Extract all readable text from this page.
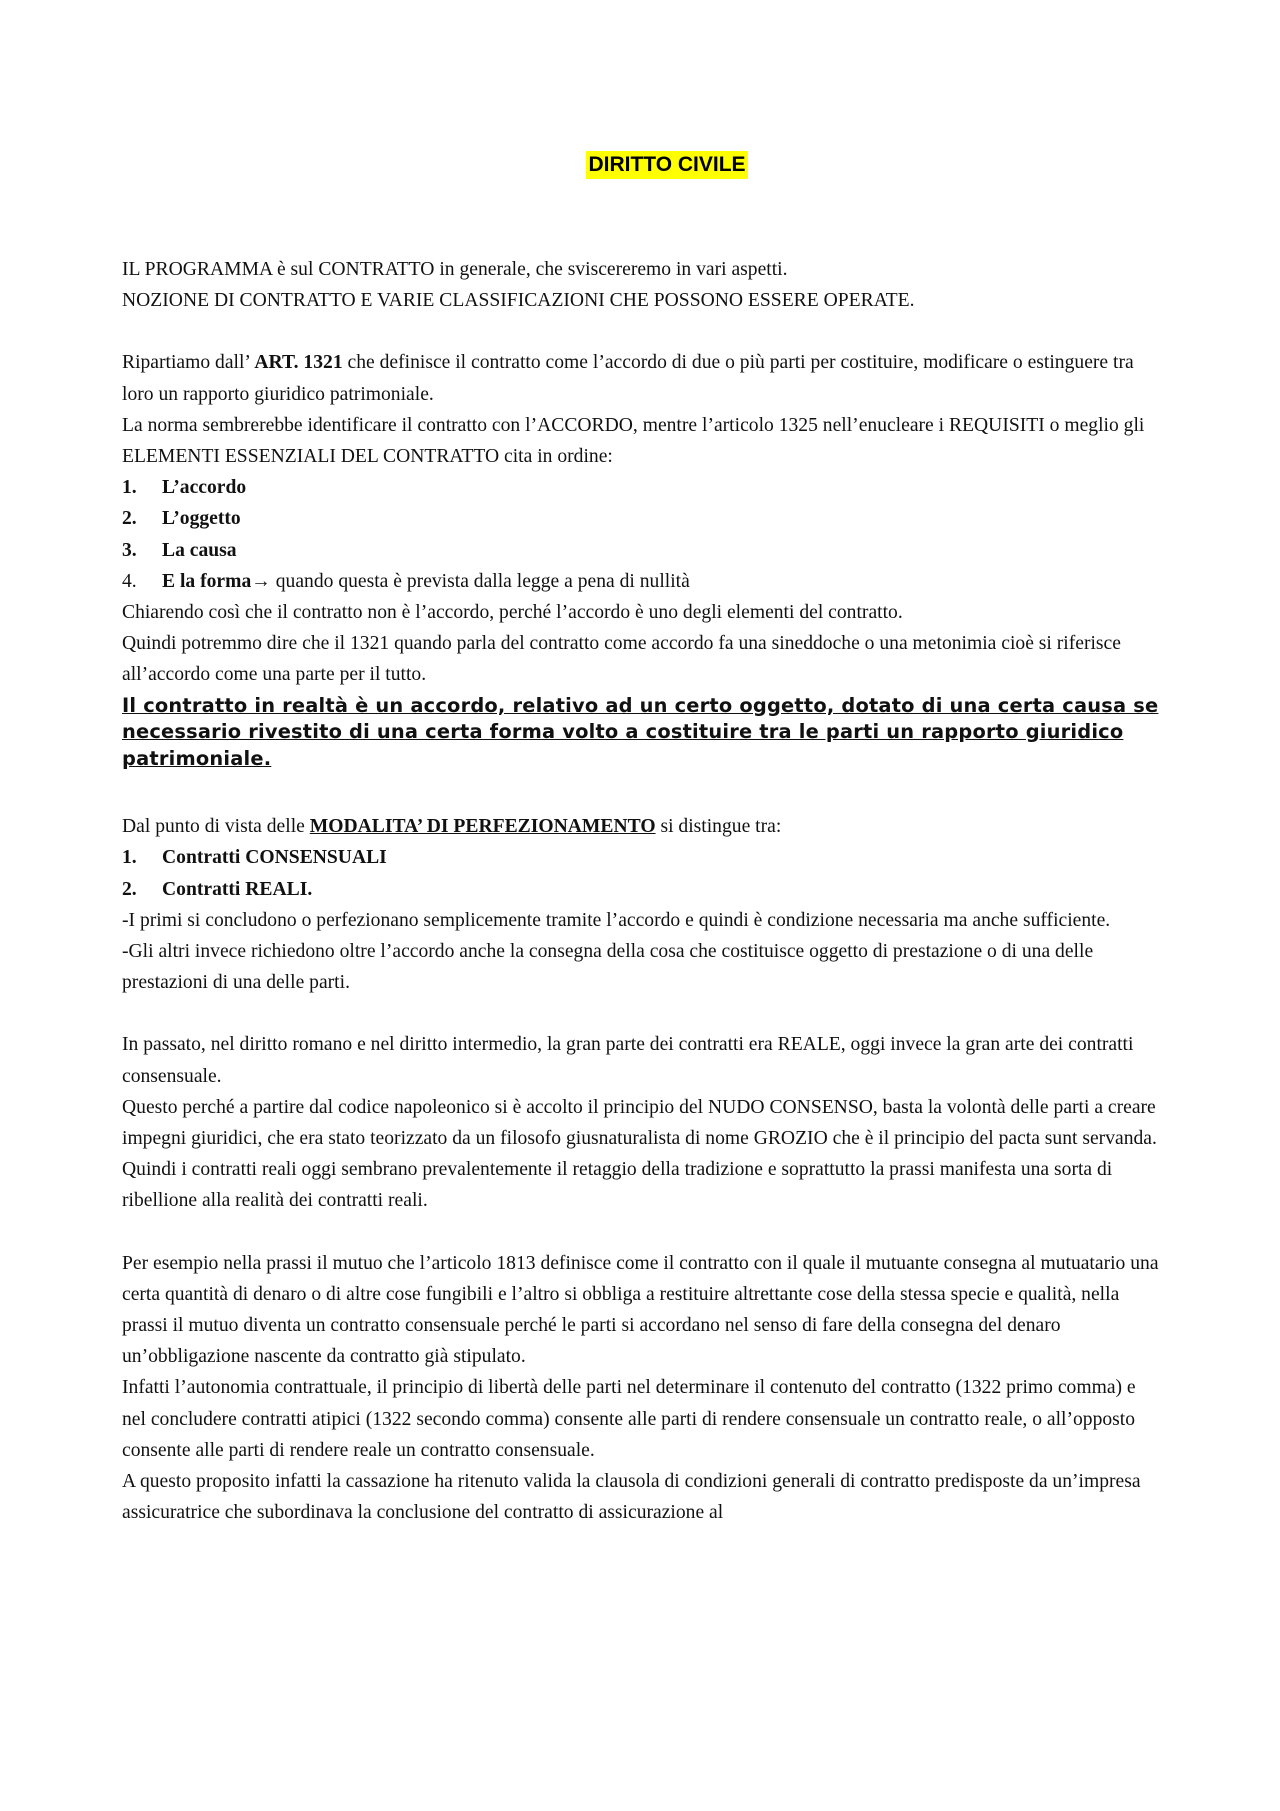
DIRITTO CIVILE

IL PROGRAMMA è sul CONTRATTO in generale, che sviscereremo in vari aspetti.

NOZIONE DI CONTRATTO E VARIE CLASSIFICAZIONI CHE POSSONO ESSERE OPERATE.

Ripartiamo dall’ ART. 1321 che definisce il contratto come l’accordo di due o più parti per costituire, modificare o estinguere tra loro un rapporto giuridico patrimoniale.

La norma sembrerebbe identificare il contratto con l’ACCORDO, mentre l’articolo 1325 nell’enucleare i REQUISITI o meglio gli ELEMENTI ESSENZIALI DEL CONTRATTO cita in ordine:

1.	L’accordo
2.	L’oggetto
3.	La causa
4.	E la forma→ quando questa è prevista dalla legge a pena di nullità

Chiarendo così che il contratto non è l’accordo, perché l’accordo è uno degli elementi del contratto.

Quindi potremmo dire che il 1321 quando parla del contratto come accordo fa una sineddoche o una metonimia cioè si riferisce all’accordo come una parte per il tutto.

Il contratto in realtà è un accordo, relativo ad un certo oggetto, dotato di una certa causa se necessario rivestito di una certa forma volto a costituire tra le parti un rapporto giuridico patrimoniale.

Dal punto di vista delle MODALITA’ DI PERFEZIONAMENTO si distingue tra:

1.	Contratti CONSENSUALI
2.	Contratti REALI.

-I primi si concludono o perfezionano semplicemente tramite l’accordo e quindi è condizione necessaria ma anche sufficiente.

-Gli altri invece richiedono oltre l’accordo anche la consegna della cosa che costituisce oggetto di prestazione o di una delle prestazioni di una delle parti.

In passato, nel diritto romano e nel diritto intermedio, la gran parte dei contratti era REALE, oggi invece la gran arte dei contratti consensuale.

Questo perché a partire dal codice napoleonico si è accolto il principio del NUDO CONSENSO, basta la volontà delle parti a creare impegni giuridici, che era stato teorizzato da un filosofo giusnaturalista di nome GROZIO che è il principio del pacta sunt servanda.

Quindi i contratti reali oggi sembrano prevalentemente il retaggio della tradizione e soprattutto la prassi manifesta una sorta di ribellione alla realità dei contratti reali.

Per esempio nella prassi il mutuo che l’articolo 1813 definisce come il contratto con il quale il mutuante consegna al mutuatario una certa quantità di denaro o di altre cose fungibili e l’altro si obbliga a restituire altrettante cose della stessa specie e qualità, nella prassi il mutuo diventa un contratto consensuale perché le parti si accordano nel senso di fare della consegna del denaro un’obbligazione nascente da contratto già stipulato.

Infatti l’autonomia contrattuale, il principio di libertà delle parti nel determinare il contenuto del contratto (1322 primo comma) e nel concludere contratti atipici (1322 secondo comma) consente alle parti di rendere consensuale un contratto reale, o all’opposto consente alle parti di rendere reale un contratto consensuale.

A questo proposito infatti la cassazione ha ritenuto valida la clausola di condizioni generali di contratto predisposte da un’impresa assicuratrice che subordinava la conclusione del contratto di assicurazione al
